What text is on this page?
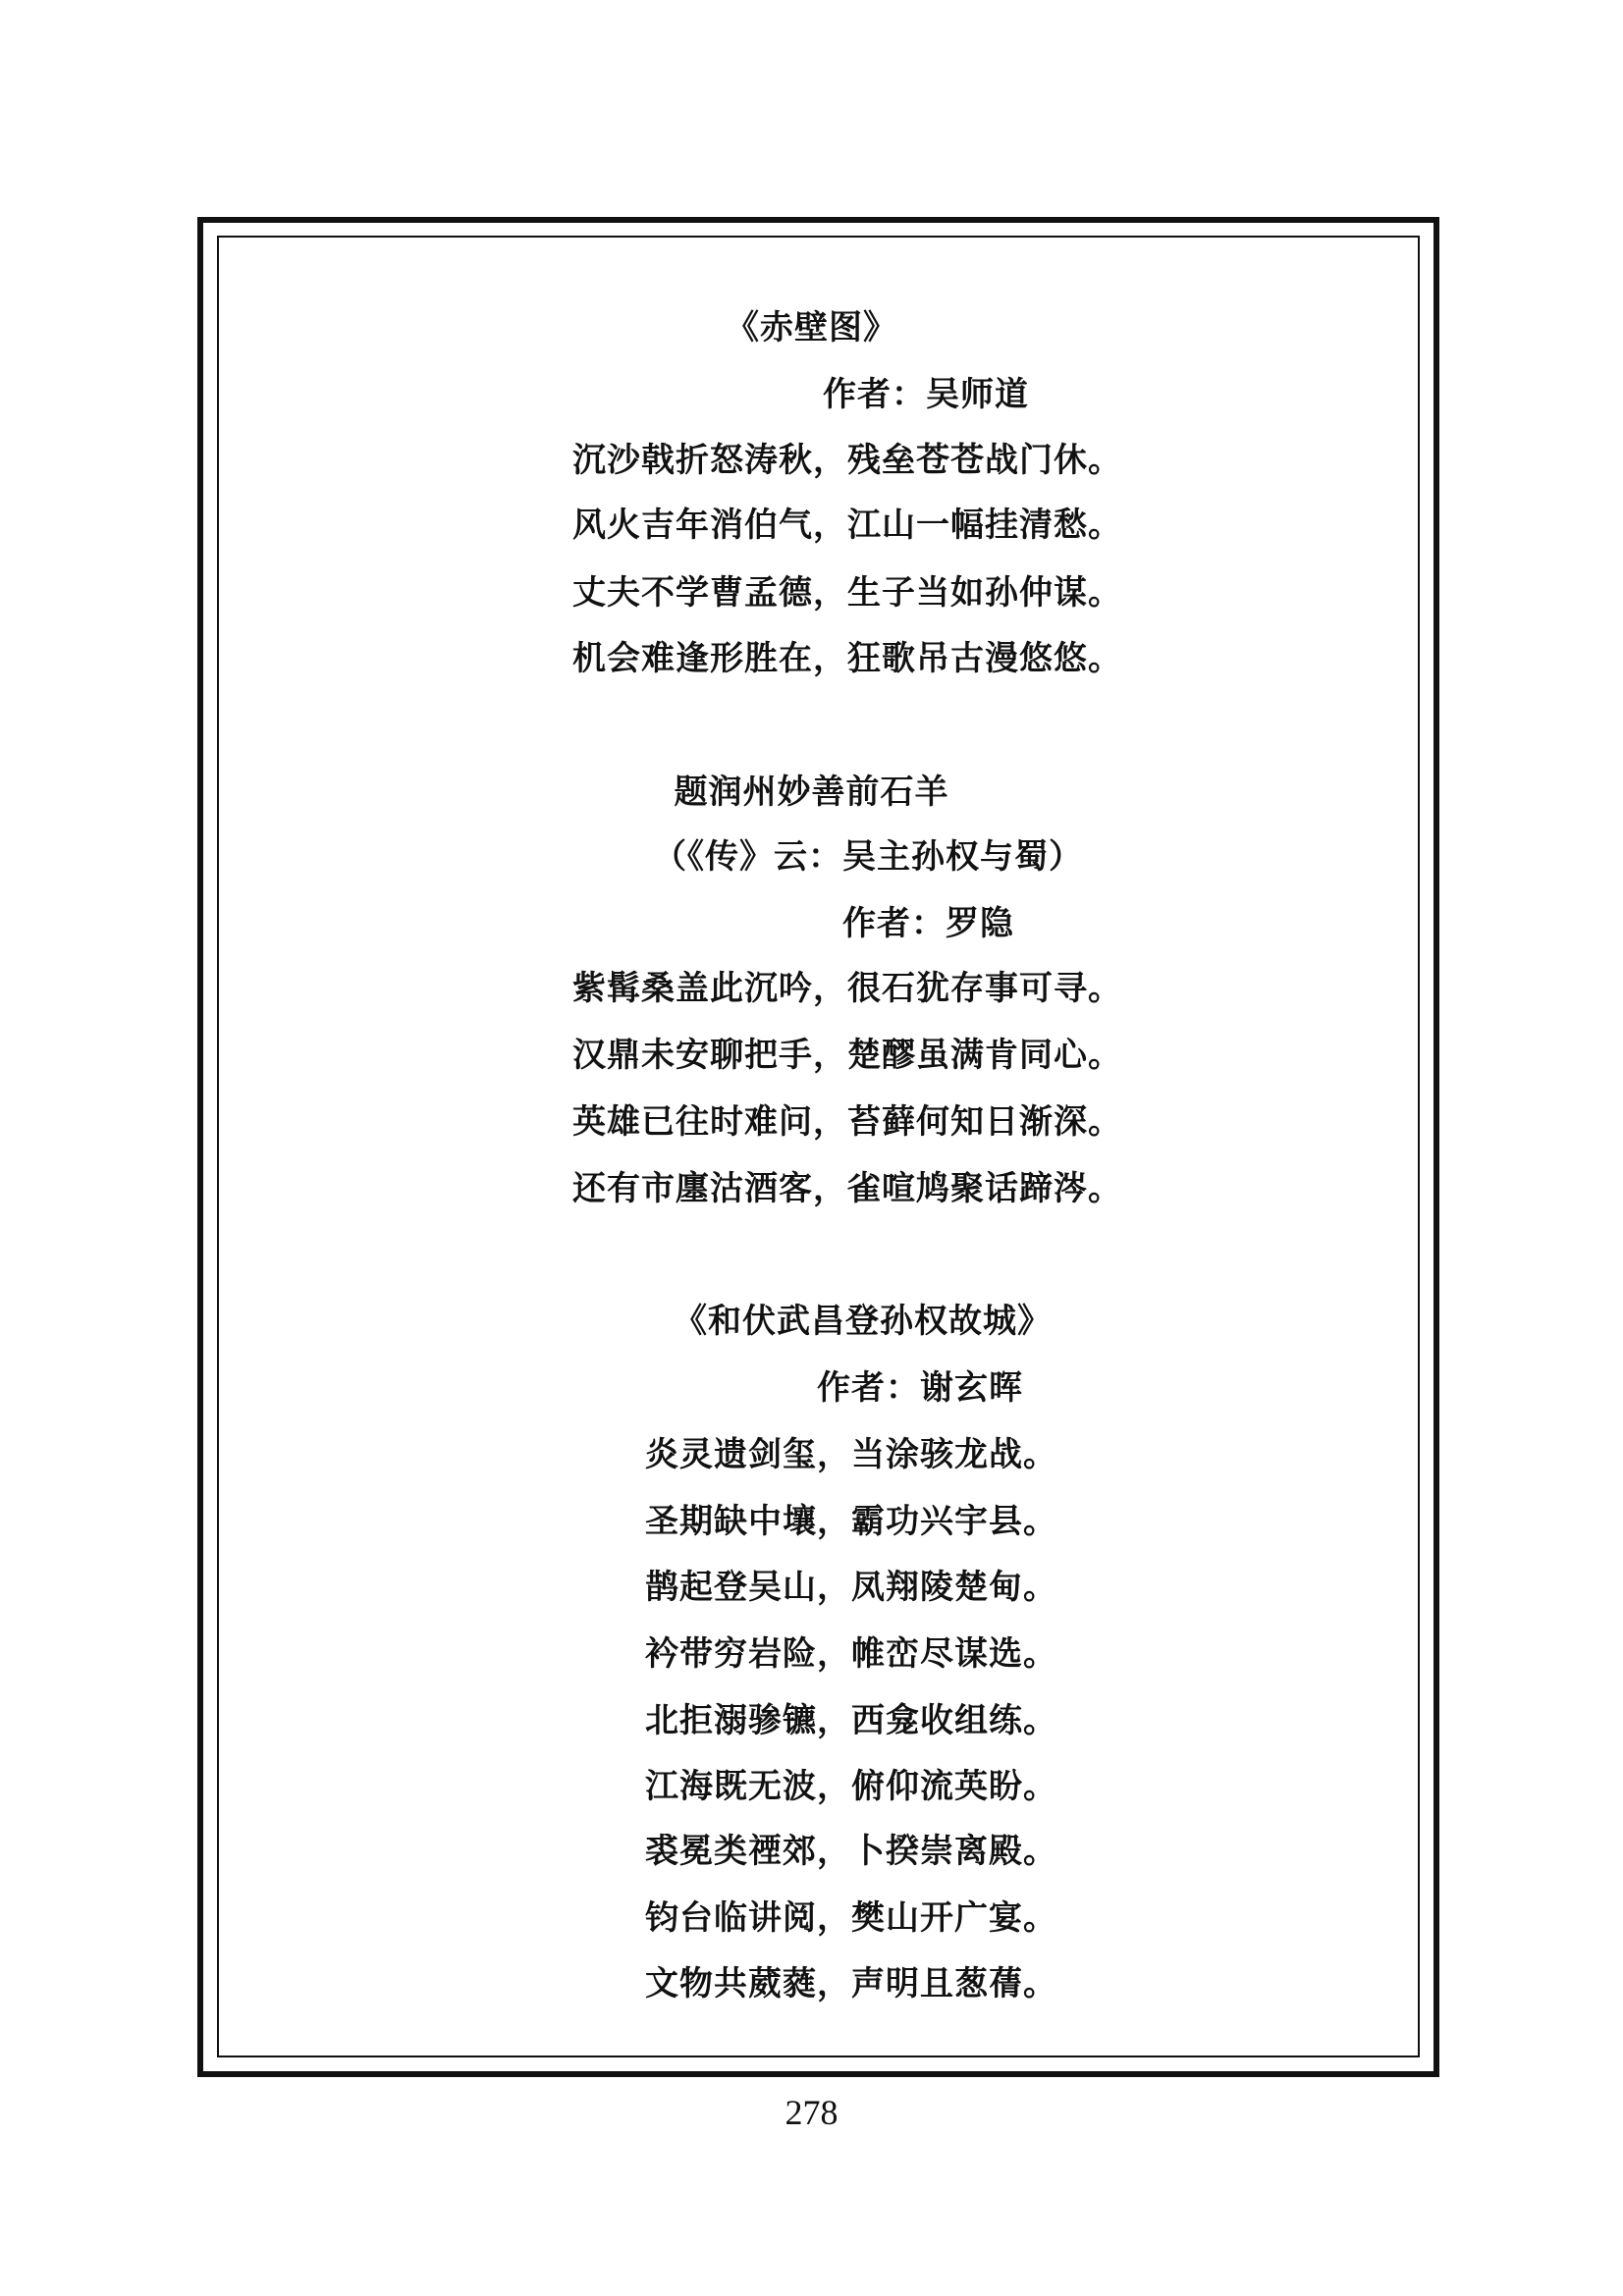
《赤壁图》
作者：吴师道
沉沙戟折怒涛秋，残垒苍苍战门休。
风火吉年消伯气，江山一幅挂清愁。
丈夫不学曹孟德，生子当如孙仲谋。
机会难逢形胜在，狂歌吊古漫悠悠。
题润州妙善前石羊
（《传》云：吴主孙权与蜀）
作者：罗隐
紫髯桑盖此沉吟，很石犹存事可寻。
汉鼎未安聊把手，楚醪虽满肯同心。
英雄已往时难问，苔藓何知日渐深。
还有市廛沽酒客，雀喧鸠聚话蹄涔。
《和伏武昌登孙权故城》
作者：谢玄晖
炎灵遗剑玺，当涂骇龙战。
圣期缺中壤，霸功兴宇县。
鹊起登吴山，凤翔陵楚甸。
衿带穷岩险，帷峦尽谋选。
北拒溺骖镳，西龛收组练。
江海既无波，俯仰流英盼。
裘冕类禋郊，卜揆崇离殿。
钧台临讲阅，樊山开广宴。
文物共葳蕤，声明且葱蒨。
278
